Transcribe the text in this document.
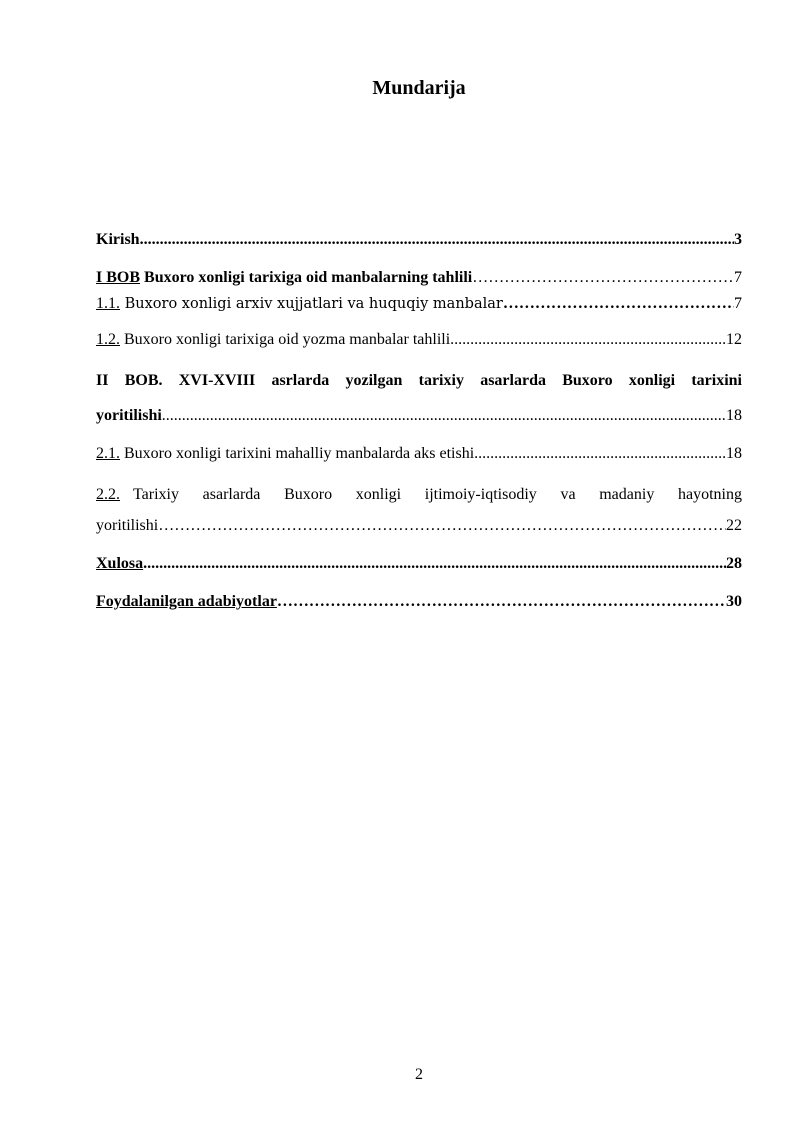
Mundarija
Kirish .....	3
I BOB Buxoro xonligi tarixiga oid manbalarning tahlili …………………………………………………………………………………………………………………………………………………………………………………………………………………	7
1.1. Buxoro xonligi arxiv xujjatlari va huquqiy manbalar …………………………………………………………………………………………………………………………………………………………………………………………………………………	7
1.2. Buxoro xonligi tarixiga oid yozma manbalar tahlili .....	12
II BOB. XVI-XVIII asrlarda yozilgan tarixiy asarlarda Buxoro xonligi tarixini
yoritilishi .....	18
2.1. Buxoro xonligi tarixini mahalliy manbalarda aks etishi .....	18
2.2. Tarixiy asarlarda Buxoro xonligi ijtimoiy-iqtisodiy va madaniy hayotning
yoritilishi …………………………………………………………………………………………………………………………………………………………………………………………………………………	22
Xulosa .....	28
Foydalanilgan adabiyotlar …………………………………………………………………………………………………………………………………………………………………………………………………………………	30
2
